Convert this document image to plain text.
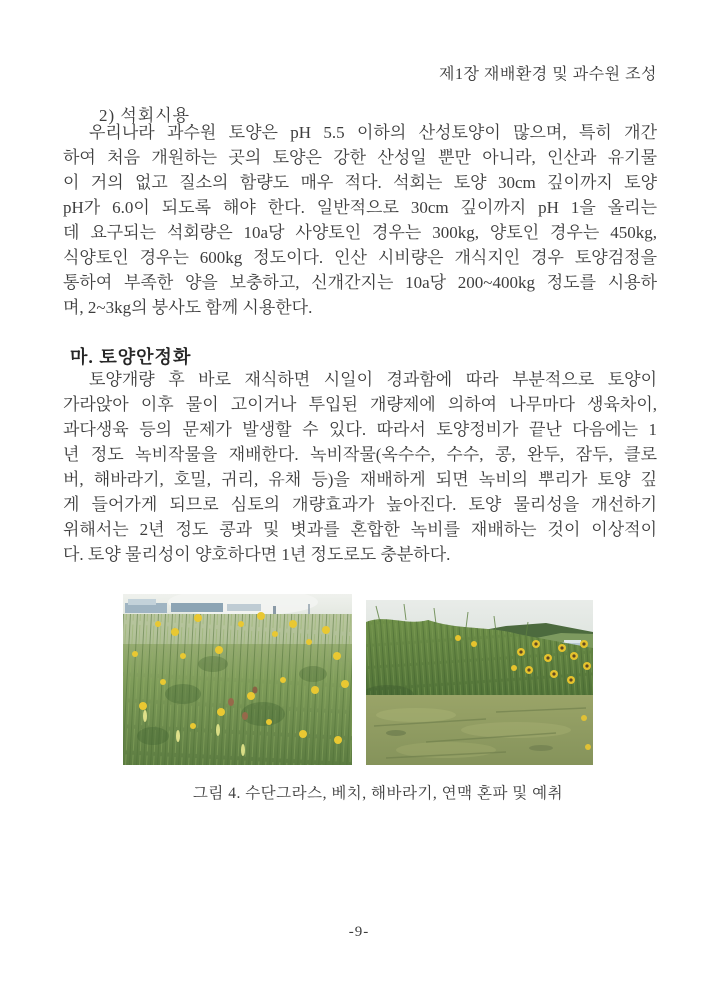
제1장 재배환경 및 과수원 조성
2) 석회시용
우리나라 과수원 토양은 pH 5.5 이하의 산성토양이 많으며, 특히 개간
하여 처음 개원하는 곳의 토양은 강한 산성일 뿐만 아니라, 인산과 유기물
이 거의 없고 질소의 함량도 매우 적다. 석회는 토양 30cm 깊이까지 토양
pH가 6.0이 되도록 해야 한다. 일반적으로 30cm 깊이까지 pH 1을 올리는
데 요구되는 석회량은 10a당 사양토인 경우는 300kg, 양토인 경우는 450kg,
식양토인 경우는 600kg 정도이다. 인산 시비량은 개식지인 경우 토양검정을
통하여 부족한 양을 보충하고, 신개간지는 10a당 200~400kg 정도를 시용하
며, 2~3kg의 붕사도 함께 시용한다.
마. 토양안정화
토양개량 후 바로 재식하면 시일이 경과함에 따라 부분적으로 토양이
가라앉아 이후 물이 고이거나 투입된 개량제에 의하여 나무마다 생육차이,
과다생육 등의 문제가 발생할 수 있다. 따라서 토양정비가 끝난 다음에는 1
년 정도 녹비작물을 재배한다. 녹비작물(옥수수, 수수, 콩, 완두, 잠두, 클로
버, 해바라기, 호밀, 귀리, 유채 등)을 재배하게 되면 녹비의 뿌리가 토양 깊
게 들어가게 되므로 심토의 개량효과가 높아진다. 토양 물리성을 개선하기
위해서는 2년 정도 콩과 및 볏과를 혼합한 녹비를 재배하는 것이 이상적이
다. 토양 물리성이 양호하다면 1년 정도로도 충분하다.
그림 4. 수단그라스, 베치, 해바라기, 연맥 혼파 및 예취
-9-
